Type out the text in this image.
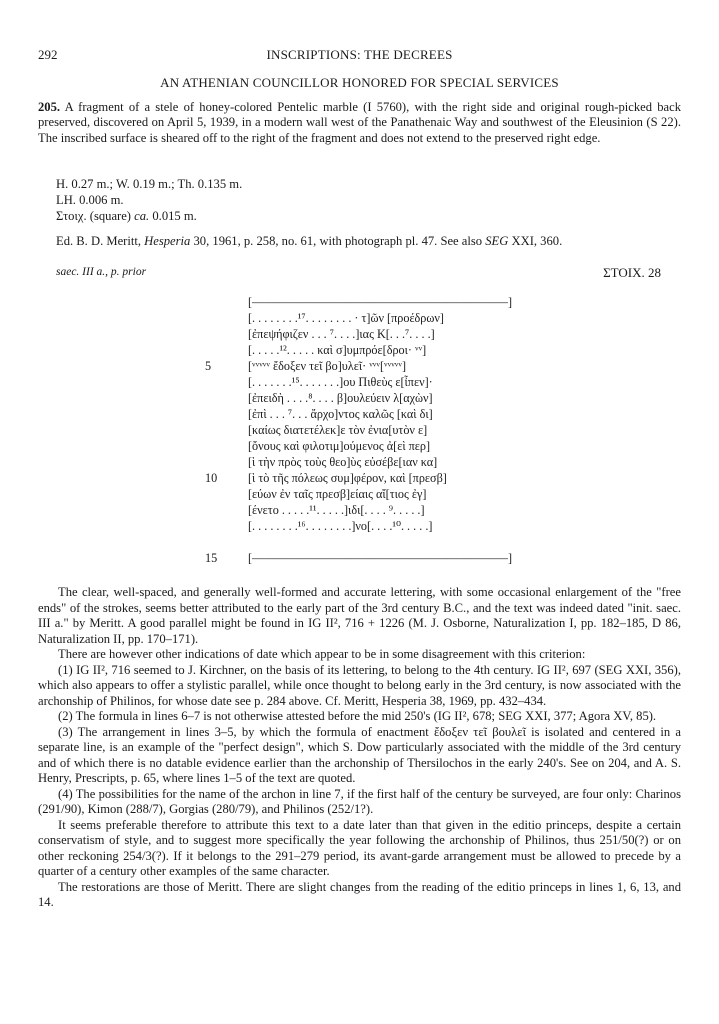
292	INSCRIPTIONS: THE DECREES
AN ATHENIAN COUNCILLOR HONORED FOR SPECIAL SERVICES
205. A fragment of a stele of honey-colored Pentelic marble (I 5760), with the right side and original rough-picked back preserved, discovered on April 5, 1939, in a modern wall west of the Panathenaic Way and southwest of the Eleusinion (S 22). The inscribed surface is sheared off to the right of the fragment and does not extend to the preserved right edge.
H. 0.27 m.; W. 0.19 m.; Th. 0.135 m.
LH. 0.006 m.
Στοιχ. (square) ca. 0.015 m.
Ed. B. D. Meritt, Hesperia 30, 1961, p. 258, no. 61, with photograph pl. 47. See also SEG XXI, 360.
saec. III a., p. prior	ΣΤΟΙΧ. 28
5
10
15
[—————————————————————]
[. . . . . . . .¹⁷. . . . . . . . · τ]ῶν [προέδρων]
[ἐπεψήφιζεν . . . ⁷. . . .]ιας Κ[. . .⁷. . . .]
[. . . . .¹². . . . . καὶ σ]υμπρόε[δροι· ᵛᵛ]
[ᵛᵛᵛᵛᵛ ἔδοξεν τεῖ βο]υλεῖ· ᵛᵛᵛ[ᵛᵛᵛᵛᵛ]
[. . . . . . .¹⁵. . . . . . .]ου Πιθεὺς ε[ἶπεν]·
[ἐπειδὴ . . . .⁸. . . . β]ουλεύειν λ[αχὼν]
[ἐπὶ . . . ⁷. . . ἄρχο]ντος καλῶς [καὶ δι]
[καίως διατετέλεκ]ε τὸν ἐνια[υτὸν ε]
[ὄνους καὶ φιλοτιμ]ούμενος ἀ[εὶ περ]
[ὶ τὴν πρὸς τοὺς θεο]ὺς εὐσέβε[ιαν κα]
[ὶ τὸ τῆς πόλεως συμ]φέρον, καὶ [πρεσβ]
[εύων ἐν ταῖς πρεσβ]είαις αἴ[τιος ἐγ]
[ένετο . . . . .¹¹. . . . .]ιδι[. . . . ⁹. . . . .]
[. . . . . . . .¹⁶. . . . . . . .]νο[. . . .¹⁰. . . . .]
[—————————————————————]

The clear, well-spaced, and generally well-formed and accurate lettering, with some occasional enlargement of the "free ends" of the strokes, seems better attributed to the early part of the 3rd century B.C., and the text was indeed dated "init. saec. III a." by Meritt. A good parallel might be found in IG II², 716 + 1226 (M. J. Osborne, Naturalization I, pp. 182–185, D 86, Naturalization II, pp. 170–171).

There are however other indications of date which appear to be in some disagreement with this criterion:

(1) IG II², 716 seemed to J. Kirchner, on the basis of its lettering, to belong to the 4th century. IG II², 697 (SEG XXI, 356), which also appears to offer a stylistic parallel, while once thought to belong early in the 3rd century, is now associated with the archonship of Philinos, for whose date see p. 284 above. Cf. Meritt, Hesperia 38, 1969, pp. 432–434.

(2) The formula in lines 6–7 is not otherwise attested before the mid 250's (IG II², 678; SEG XXI, 377; Agora XV, 85).

(3) The arrangement in lines 3–5, by which the formula of enactment ἔδοξεν τεῖ βουλεῖ is isolated and centered in a separate line, is an example of the "perfect design", which S. Dow particularly associated with the middle of the 3rd century and of which there is no datable evidence earlier than the archonship of Thersilochos in the early 240's. See on 204, and A. S. Henry, Prescripts, p. 65, where lines 1–5 of the text are quoted.

(4) The possibilities for the name of the archon in line 7, if the first half of the century be surveyed, are four only: Charinos (291/90), Kimon (288/7), Gorgias (280/79), and Philinos (252/1?).

It seems preferable therefore to attribute this text to a date later than that given in the editio princeps, despite a certain conservatism of style, and to suggest more specifically the year following the archonship of Philinos, thus 251/50(?) or on other reckoning 254/3(?). If it belongs to the 291–279 period, its avant-garde arrangement must be allowed to precede by a quarter of a century other examples of the same character.

The restorations are those of Meritt. There are slight changes from the reading of the editio princeps in lines 1, 6, 13, and 14.
